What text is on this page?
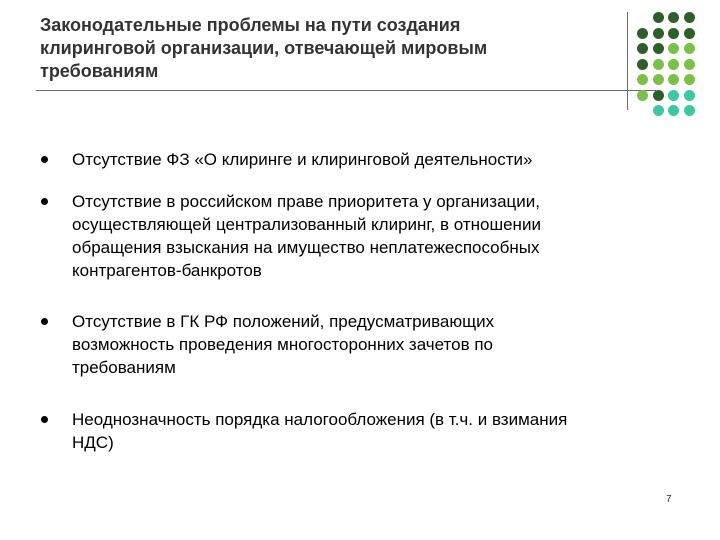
Законодательные проблемы на пути создания
клиринговой организации, отвечающей мировым
требованиям
Отсутствие ФЗ «О клиринге и клиринговой деятельности»
Отсутствие в российском праве приоритета у организации,
осуществляющей централизованный клиринг, в отношении
обращения взыскания на имущество неплатежеспособных
контрагентов-банкротов
Отсутствие в ГК РФ положений, предусматривающих
возможность проведения многосторонних зачетов по
требованиям
Неоднозначность порядка налогообложения (в т.ч. и взимания
НДС)
7
